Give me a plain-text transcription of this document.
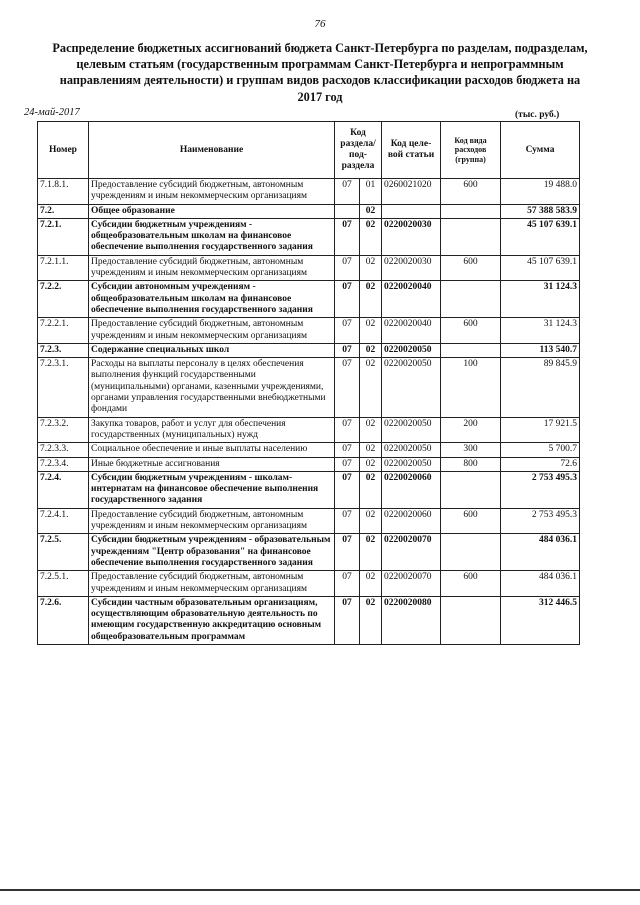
76
Распределение бюджетных ассигнований бюджета Санкт-Петербурга по разделам, подразделам, целевым статьям (государственным программам Санкт-Петербурга и непрограммным направлениям деятельности) и группам видов расходов классификации расходов бюджета на 2017 год
24-май-2017	(тыс. руб.)
Номер	Наименование	Код раздела/ под-раздела		Код целе-вой статьи	Код вида расходов (группа)	Сумма
7.1.8.1.	Предоставление субсидий бюджетным, автономным учреждениям и иным некоммерческим организациям	07	01	0260021020	600	19 488.0
7.2.	Общее образование		02			57 388 583.9
7.2.1.	Субсидии бюджетным учреждениям - общеобразовательным школам на финансовое обеспечение выполнения государственного задания	07	02	0220020030		45 107 639.1
7.2.1.1.	Предоставление субсидий бюджетным, автономным учреждениям и иным некоммерческим организациям	07	02	0220020030	600	45 107 639.1
7.2.2.	Субсидии автономным учреждениям - общеобразовательным школам на финансовое обеспечение выполнения государственного задания	07	02	0220020040		31 124.3
7.2.2.1.	Предоставление субсидий бюджетным, автономным учреждениям и иным некоммерческим организациям	07	02	0220020040	600	31 124.3
7.2.3.	Содержание специальных школ	07	02	0220020050		113 540.7
7.2.3.1.	Расходы на выплаты персоналу в целях обеспечения выполнения функций государственными (муниципальными) органами, казенными учреждениями, органами управления государственными внебюджетными фондами	07	02	0220020050	100	89 845.9
7.2.3.2.	Закупка товаров, работ и услуг для обеспечения государственных (муниципальных) нужд	07	02	0220020050	200	17 921.5
7.2.3.3.	Социальное обеспечение и иные выплаты населению	07	02	0220020050	300	5 700.7
7.2.3.4.	Иные бюджетные ассигнования	07	02	0220020050	800	72.6
7.2.4.	Субсидии бюджетным учреждениям - школам-интернатам на финансовое обеспечение выполнения государственного задания	07	02	0220020060		2 753 495.3
7.2.4.1.	Предоставление субсидий бюджетным, автономным учреждениям и иным некоммерческим организациям	07	02	0220020060	600	2 753 495.3
7.2.5.	Субсидии бюджетным учреждениям - образовательным учреждениям "Центр образования" на финансовое обеспечение выполнения государственного задания	07	02	0220020070		484 036.1
7.2.5.1.	Предоставление субсидий бюджетным, автономным учреждениям и иным некоммерческим организациям	07	02	0220020070	600	484 036.1
7.2.6.	Субсидии частным образовательным организациям, осуществляющим образовательную деятельность по имеющим государственную аккредитацию основным общеобразовательным программам	07	02	0220020080		312 446.5
